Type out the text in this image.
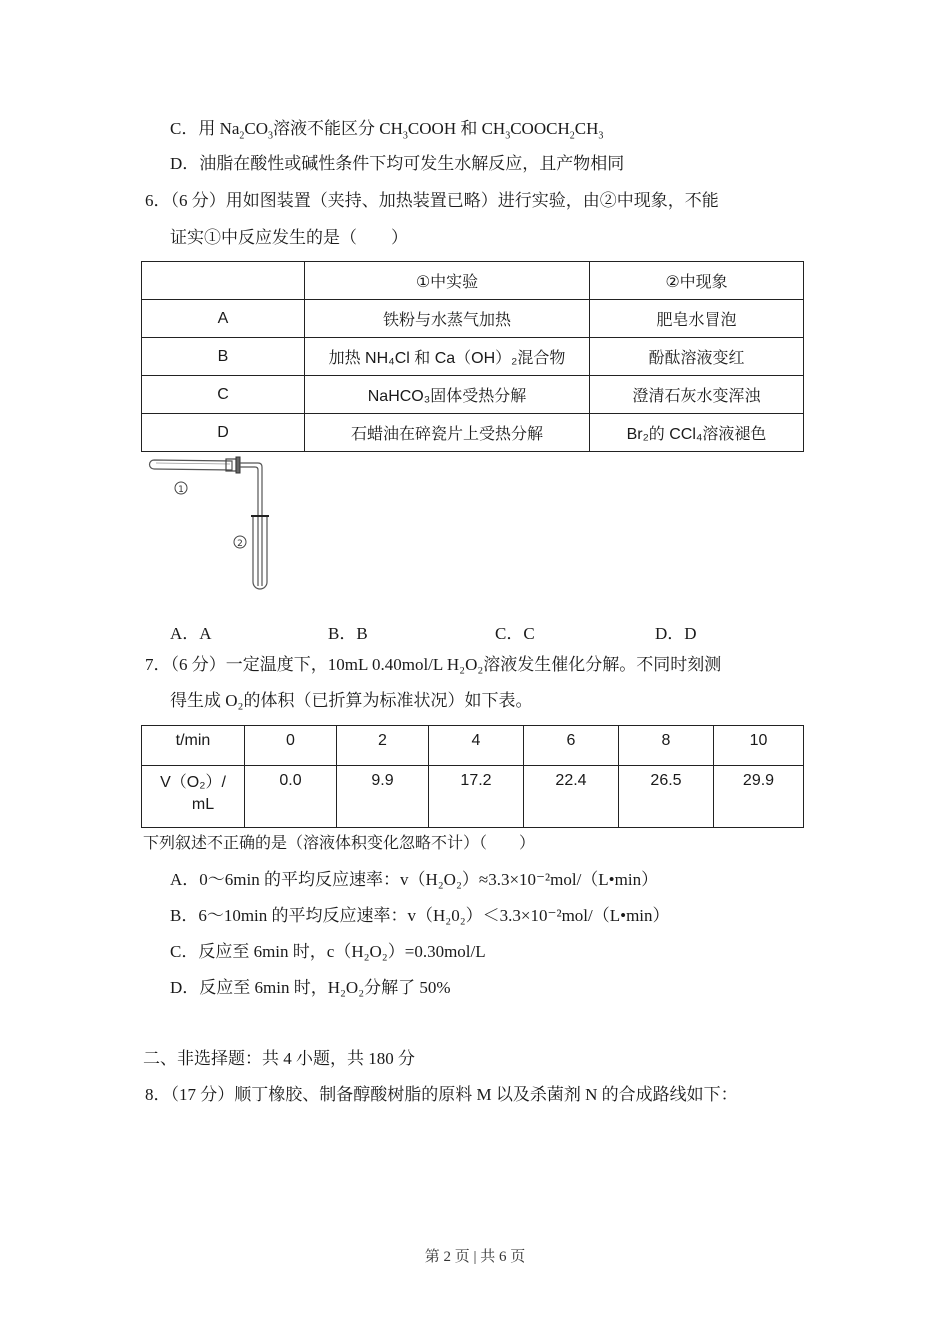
C．用 $Na_2CO_3$溶液不能区分 $CH_3COOH$ 和 $CH_3COOCH_2CH_3$
D．油脂在酸性或碱性条件下均可发生水解反应，且产物相同
6．（6 分）用如图装置（夹持、加热装置已略）进行实验，由②中现象，不能
证实①中反应发生的是（　　）
	①中实验	②中现象
A	铁粉与水蒸气加热	肥皂水冒泡
B	加热 NH₄Cl 和 Ca（OH）₂混合物	酚酞溶液变红
C	NaHCO₃固体受热分解	澄清石灰水变浑浊
D	石蜡油在碎瓷片上受热分解	Br₂的 CCl₄溶液褪色
1
2
A．A	B．B	C．C	D．D
7．（6 分）一定温度下，10mL 0.40mol/L H₂O₂溶液发生催化分解。不同时刻测
得生成 O₂的体积（已折算为标准状况）如下表。
t/min	0	2	4	6	8	10

V（O₂）/
mL	0.0	9.9	17.2	22.4	26.5	29.9
下列叙述不正确的是（溶液体积变化忽略不计）（　　）
A．0～6min 的平均反应速率：v（H₂O₂）≈3.3×10⁻²mol/（L•min）
B．6～10min 的平均反应速率：v（H₂0₂）＜3.3×10⁻²mol/（L•min）
C．反应至 6min 时，c（H₂O₂）=0.30mol/L
D．反应至 6min 时，H₂O₂分解了 50%
二、非选择题：共 4 小题，共 180 分
8．（17 分）顺丁橡胶、制备醇酸树脂的原料 M 以及杀菌剂 N 的合成路线如下：
第 2 页 | 共 6 页
